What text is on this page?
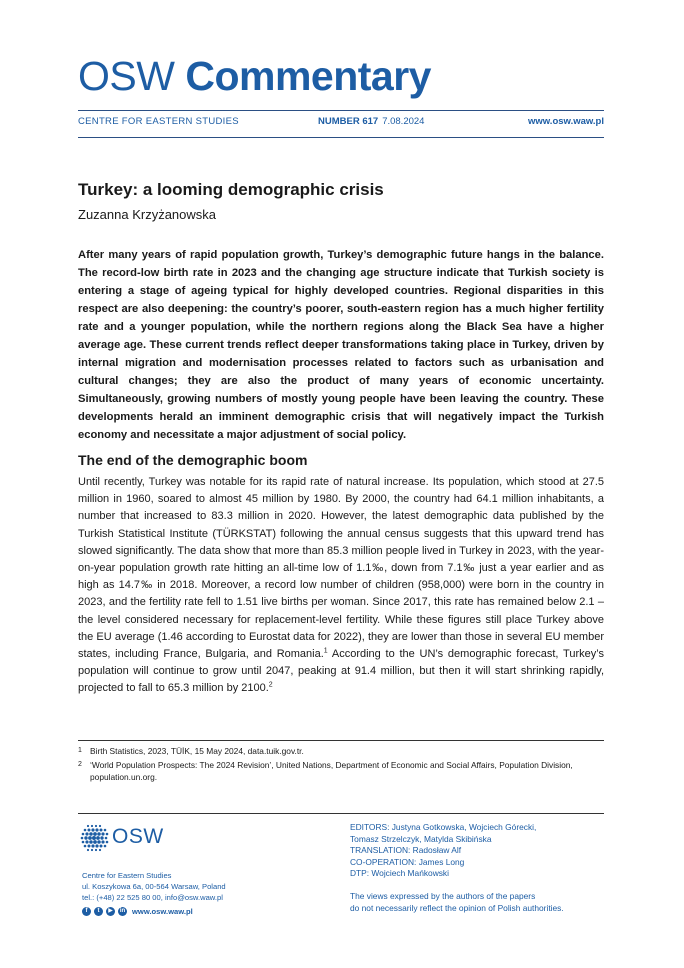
OSW Commentary
CENTRE FOR EASTERN STUDIES	NUMBER 617 7.08.2024	www.osw.waw.pl
Turkey: a looming demographic crisis
Zuzanna Krzyżanowska
After many years of rapid population growth, Turkey’s demographic future hangs in the balance. The record-low birth rate in 2023 and the changing age structure indicate that Turkish society is entering a stage of ageing typical for highly developed countries. Regional disparities in this respect are also deepening: the country’s poorer, south-eastern region has a much higher fertility rate and a younger population, while the northern regions along the Black Sea have a higher average age. These current trends reflect deeper transformations taking place in Turkey, driven by internal migration and modernisation processes related to factors such as urbanisation and cultural changes; they are also the product of many years of economic uncertainty. Simultaneously, growing numbers of mostly young people have been leaving the country. These developments herald an imminent demographic crisis that will negatively impact the Turkish economy and necessitate a major adjustment of social policy.
The end of the demographic boom

Until recently, Turkey was notable for its rapid rate of natural increase. Its population, which stood at 27.5 million in 1960, soared to almost 45 million by 1980. By 2000, the country had 64.1 million inhabitants, a number that increased to 83.3 million in 2020. However, the latest demographic data published by the Turkish Statistical Institute (TÜRKSTAT) following the annual census suggests that this upward trend has slowed significantly. The data show that more than 85.3 million people lived in Turkey in 2023, with the year-on-year population growth rate hitting an all-time low of 1.1‰, down from 7.1‰ just a year earlier and as high as 14.7‰ in 2018. Moreover, a record low number of children (958,000) were born in the country in 2023, and the fertility rate fell to 1.51 live births per woman. Since 2017, this rate has remained below 2.1 – the level considered necessary for replacement-level fertility. While these figures still place Turkey above the EU average (1.46 according to Eurostat data for 2022), they are lower than those in several EU member states, including France, Bulgaria, and Romania.$^1$ According to the UN’s demographic forecast, Turkey’s population will continue to grow until 2047, peaking at 91.4 million, but then it will start shrinking rapidly, projected to fall to 65.3 million by 2100.$^2$

1 Birth Statistics, 2023, TÜİK, 15 May 2024, data.tuik.gov.tr.
2 ‘World Population Prospects: The 2024 Revision’, United Nations, Department of Economic and Social Affairs, Population Division, population.un.org.
OSW
Centre for Eastern Studies
ul. Koszykowa 6a, 00-564 Warsaw, Poland
tel.: (+48) 22 525 80 00, info@osw.waw.pl
f	t	▶	in www.osw.waw.pl
EDITORS: Justyna Gotkowska, Wojciech Górecki,
Tomasz Strzelczyk, Matylda Skibińska
TRANSLATION: Radosław Alf
CO-OPERATION: James Long
DTP: Wojciech Mańkowski
The views expressed by the authors of the papers
do not necessarily reflect the opinion of Polish authorities.
